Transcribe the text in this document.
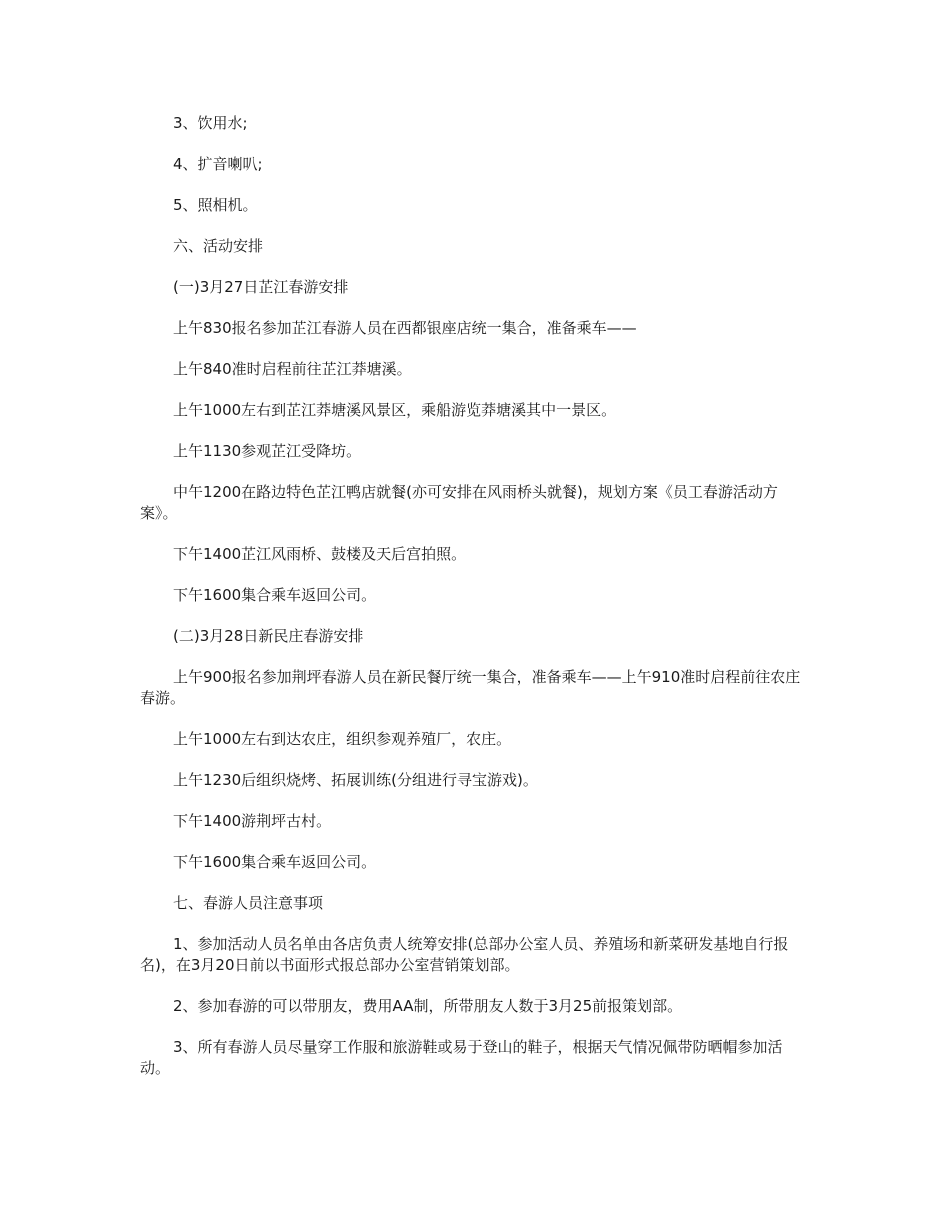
3、饮用水;

4、扩音喇叭;

5、照相机。

六、活动安排

(一)3月27日芷江春游安排

上午830报名参加芷江春游人员在西都银座店统一集合，准备乘车——

上午840准时启程前往芷江莽塘溪。

上午1000左右到芷江莽塘溪风景区，乘船游览莽塘溪其中一景区。

上午1130参观芷江受降坊。

中午1200在路边特色芷江鸭店就餐(亦可安排在风雨桥头就餐)，规划方案《员工春游活动方案》。

下午1400芷江风雨桥、鼓楼及天后宫拍照。

下午1600集合乘车返回公司。

(二)3月28日新民庄春游安排

上午900报名参加荆坪春游人员在新民餐厅统一集合，准备乘车——上午910准时启程前往农庄春游。

上午1000左右到达农庄，组织参观养殖厂，农庄。

上午1230后组织烧烤、拓展训练(分组进行寻宝游戏)。

下午1400游荆坪古村。

下午1600集合乘车返回公司。

七、春游人员注意事项

1、参加活动人员名单由各店负责人统筹安排(总部办公室人员、养殖场和新菜研发基地自行报名)，在3月20日前以书面形式报总部办公室营销策划部。

2、参加春游的可以带朋友，费用AA制，所带朋友人数于3月25前报策划部。

3、所有春游人员尽量穿工作服和旅游鞋或易于登山的鞋子，根据天气情况佩带防晒帽参加活动。
